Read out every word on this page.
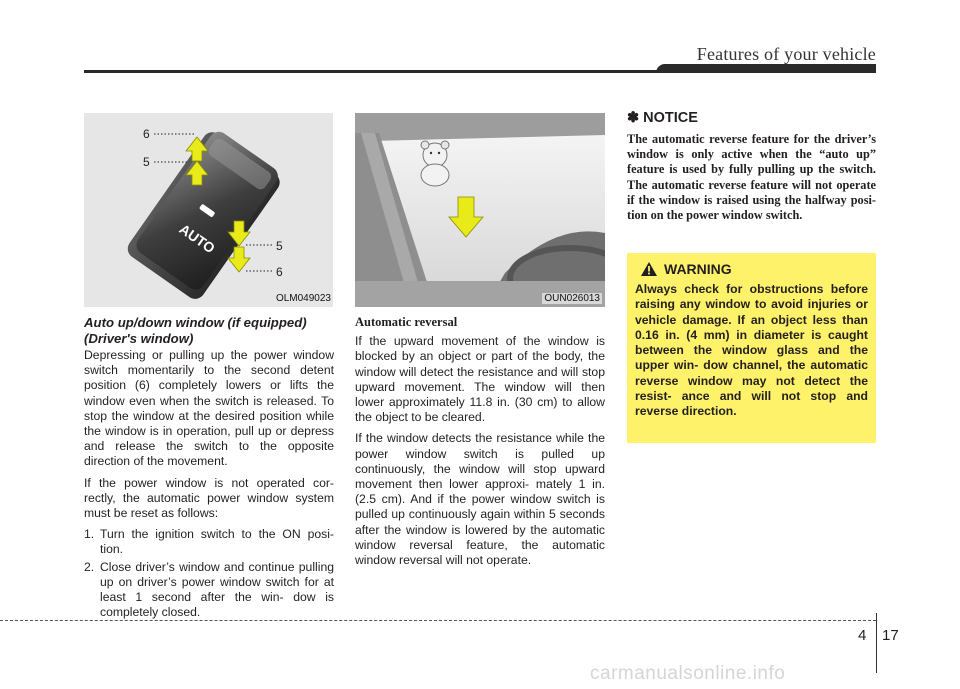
Features of your vehicle
AUTO
6
5
5
6
OLM049023	OUN026013
Auto up/down window (if equipped)
(Driver's window)

Depressing or pulling up the power window switch momentarily to the second detent position (6) completely lowers or lifts the window even when the switch is released. To stop the window at the desired position while the window is in operation, pull up or depress and release the switch to the opposite direction of the movement.

If the power window is not operated cor- rectly, the automatic power window system must be reset as follows:

1. Turn the ignition switch to the ON posi- tion.
2. Close driver’s window and continue pulling up on driver’s power window switch for at least 1 second after the win- dow is completely closed.
Automatic reversal

If the upward movement of the window is blocked by an object or part of the body, the window will detect the resistance and will stop upward movement. The window will then lower approximately 11.8 in. (30 cm) to allow the object to be cleared.

If the window detects the resistance while the power window switch is pulled up continuously, the window will stop upward movement then lower approxi- mately 1 in. (2.5 cm). And if the power window switch is pulled up continuously again within 5 seconds after the window is lowered by the automatic window reversal feature, the automatic window reversal will not operate.

✽ NOTICE
The automatic reverse feature for the driver’s window is only active when the “auto up” feature is used by fully pulling up the switch. The automatic reverse feature will not operate if the window is raised using the halfway posi- tion on the power window switch.
WARNING
Always check for obstructions before raising any window to avoid injuries or vehicle damage. If an object less than 0.16 in. (4 mm) in diameter is caught between the window glass and the upper win- dow channel, the automatic reverse window may not detect the resist- ance and will not stop and reverse direction.
4 17
carmanualsonline.info
